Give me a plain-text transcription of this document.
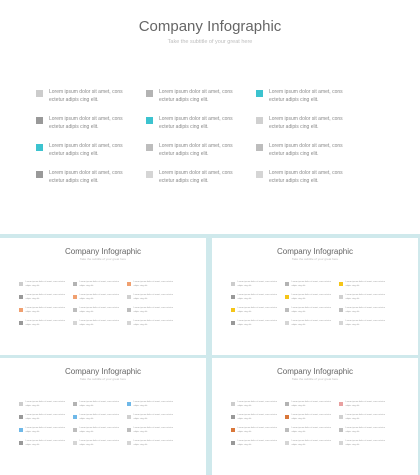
Company Infographic
Take the subtitle of your great here
Lorem ipsum dolor sit amet, cons ectetur adipis cing elit.
Lorem ipsum dolor sit amet, cons ectetur adipis cing elit.
Lorem ipsum dolor sit amet, cons ectetur adipis cing elit.
Lorem ipsum dolor sit amet, cons ectetur adipis cing elit.
Lorem ipsum dolor sit amet, cons ectetur adipis cing elit.
Lorem ipsum dolor sit amet, cons ectetur adipis cing elit.
Lorem ipsum dolor sit amet, cons ectetur adipis cing elit.
Lorem ipsum dolor sit amet, cons ectetur adipis cing elit.
Lorem ipsum dolor sit amet, cons ectetur adipis cing elit.
Lorem ipsum dolor sit amet, cons ectetur adipis cing elit.
Lorem ipsum dolor sit amet, cons ectetur adipis cing elit.
Lorem ipsum dolor sit amet, cons ectetur adipis cing elit.
Company Infographic
Take the subtitle of your great here
Lorem ipsum dolor sit amet, cons ectetur adipis cing elit.
Lorem ipsum dolor sit amet, cons ectetur adipis cing elit.
Lorem ipsum dolor sit amet, cons ectetur adipis cing elit.
Lorem ipsum dolor sit amet, cons ectetur adipis cing elit.
Lorem ipsum dolor sit amet, cons ectetur adipis cing elit.
Lorem ipsum dolor sit amet, cons ectetur adipis cing elit.
Lorem ipsum dolor sit amet, cons ectetur adipis cing elit.
Lorem ipsum dolor sit amet, cons ectetur adipis cing elit.
Lorem ipsum dolor sit amet, cons ectetur adipis cing elit.
Lorem ipsum dolor sit amet, cons ectetur adipis cing elit.
Lorem ipsum dolor sit amet, cons ectetur adipis cing elit.
Lorem ipsum dolor sit amet, cons ectetur adipis cing elit.
Company Infographic
Take the subtitle of your great here
Lorem ipsum dolor sit amet, cons ectetur adipis cing elit.
Lorem ipsum dolor sit amet, cons ectetur adipis cing elit.
Lorem ipsum dolor sit amet, cons ectetur adipis cing elit.
Lorem ipsum dolor sit amet, cons ectetur adipis cing elit.
Lorem ipsum dolor sit amet, cons ectetur adipis cing elit.
Lorem ipsum dolor sit amet, cons ectetur adipis cing elit.
Lorem ipsum dolor sit amet, cons ectetur adipis cing elit.
Lorem ipsum dolor sit amet, cons ectetur adipis cing elit.
Lorem ipsum dolor sit amet, cons ectetur adipis cing elit.
Lorem ipsum dolor sit amet, cons ectetur adipis cing elit.
Lorem ipsum dolor sit amet, cons ectetur adipis cing elit.
Lorem ipsum dolor sit amet, cons ectetur adipis cing elit.
Company Infographic
Take the subtitle of your great here
Lorem ipsum dolor sit amet, cons ectetur adipis cing elit.
Lorem ipsum dolor sit amet, cons ectetur adipis cing elit.
Lorem ipsum dolor sit amet, cons ectetur adipis cing elit.
Lorem ipsum dolor sit amet, cons ectetur adipis cing elit.
Lorem ipsum dolor sit amet, cons ectetur adipis cing elit.
Lorem ipsum dolor sit amet, cons ectetur adipis cing elit.
Lorem ipsum dolor sit amet, cons ectetur adipis cing elit.
Lorem ipsum dolor sit amet, cons ectetur adipis cing elit.
Lorem ipsum dolor sit amet, cons ectetur adipis cing elit.
Lorem ipsum dolor sit amet, cons ectetur adipis cing elit.
Lorem ipsum dolor sit amet, cons ectetur adipis cing elit.
Lorem ipsum dolor sit amet, cons ectetur adipis cing elit.
Company Infographic
Take the subtitle of your great here
Lorem ipsum dolor sit amet, cons ectetur adipis cing elit.
Lorem ipsum dolor sit amet, cons ectetur adipis cing elit.
Lorem ipsum dolor sit amet, cons ectetur adipis cing elit.
Lorem ipsum dolor sit amet, cons ectetur adipis cing elit.
Lorem ipsum dolor sit amet, cons ectetur adipis cing elit.
Lorem ipsum dolor sit amet, cons ectetur adipis cing elit.
Lorem ipsum dolor sit amet, cons ectetur adipis cing elit.
Lorem ipsum dolor sit amet, cons ectetur adipis cing elit.
Lorem ipsum dolor sit amet, cons ectetur adipis cing elit.
Lorem ipsum dolor sit amet, cons ectetur adipis cing elit.
Lorem ipsum dolor sit amet, cons ectetur adipis cing elit.
Lorem ipsum dolor sit amet, cons ectetur adipis cing elit.
